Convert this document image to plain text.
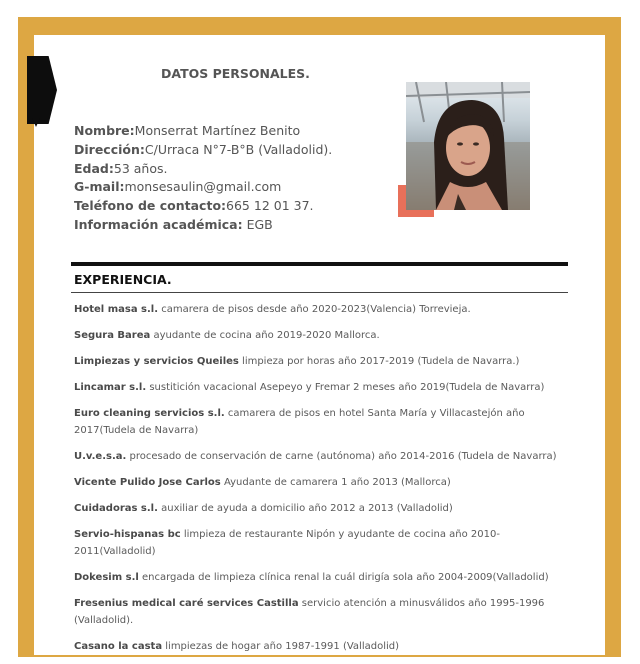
DATOS PERSONALES.
Nombre:Monserrat Martínez Benito
Dirección:C/Urraca N°7-B°B (Valladolid).
Edad:53 años.
G-mail:monsesaulin@gmail.com
Teléfono de contacto:665 12 01 37.
Información académica: EGB
EXPERIENCIA.
Hotel masa s.l. camarera de pisos desde año 2020-2023(Valencia) Torrevieja.
Segura Barea ayudante de cocina año 2019-2020 Mallorca.
Limpiezas y servicios Queiles limpieza por horas año 2017-2019 (Tudela de Navarra.)
Lincamar s.l. sustitición vacacional Asepeyo y Fremar 2 meses año 2019(Tudela de Navarra)
Euro cleaning servicios s.l. camarera de pisos en hotel Santa María y Villacastejón año 2017(Tudela de Navarra)
U.v.e.s.a. procesado de conservación de carne (autónoma) año 2014-2016 (Tudela de Navarra)
Vicente Pulido Jose Carlos Ayudante de camarera 1 año 2013 (Mallorca)
Cuidadoras s.l. auxiliar de ayuda a domicilio año 2012 a 2013 (Valladolid)
Servio-hispanas bc limpieza de restaurante Nipón y ayudante de cocina año 2010-2011(Valladolid)
Dokesim s.l encargada de limpieza clínica renal la cuál dirigía sola año 2004-2009(Valladolid)
Fresenius medical caré services Castilla servicio atención a minusválidos año 1995-1996 (Valladolid).
Casano la casta limpiezas de hogar año 1987-1991 (Valladolid)
